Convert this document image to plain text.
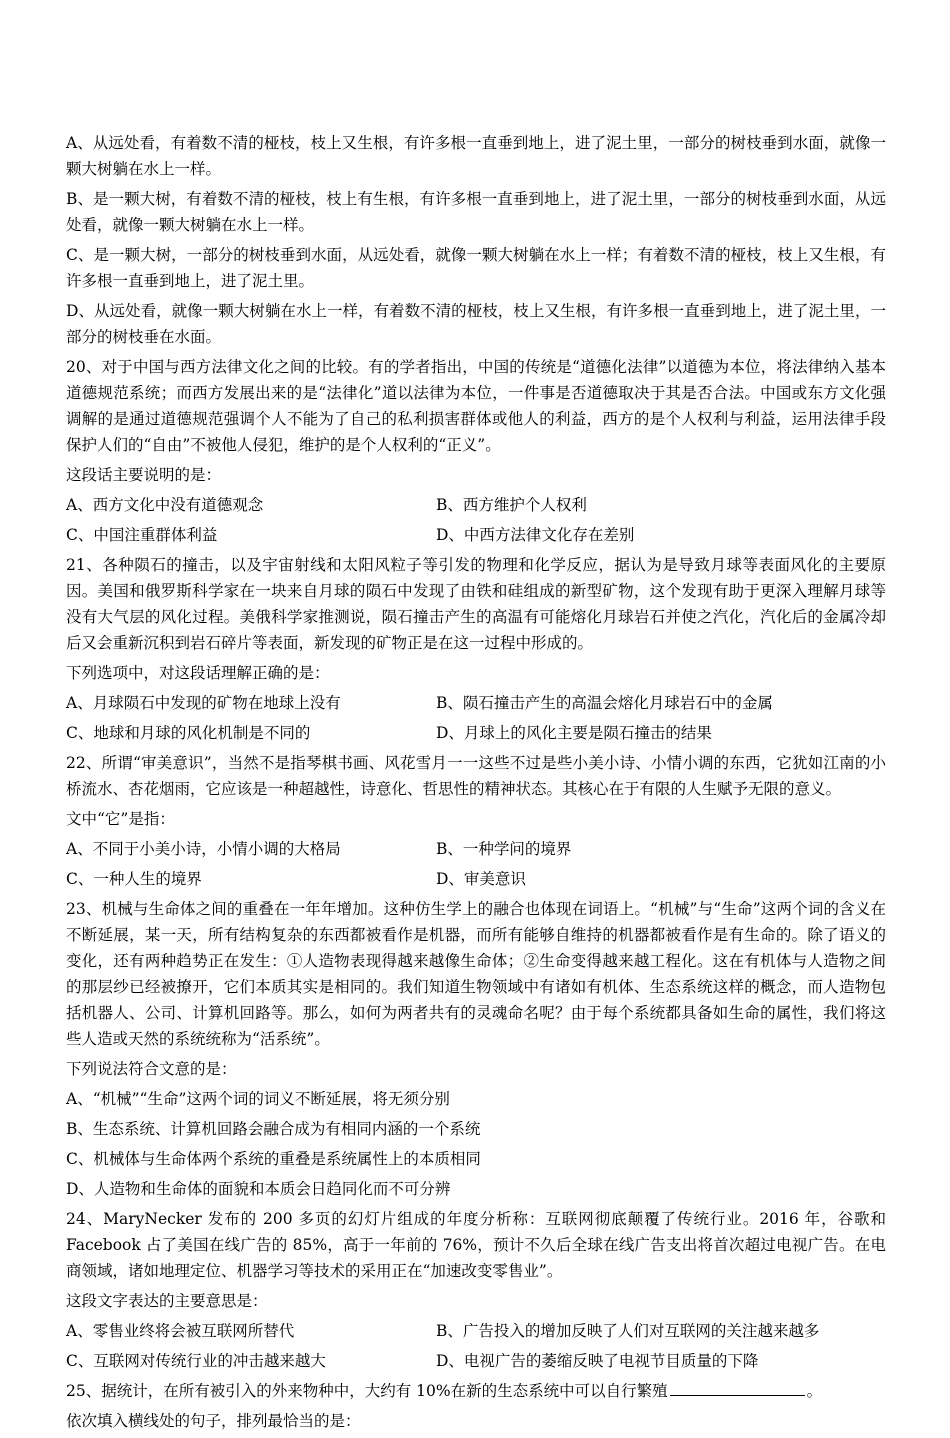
A、从远处看，有着数不清的桠枝，枝上又生根，有许多根一直垂到地上，进了泥土里，一部分的树枝垂到水面，就像一颗大树躺在水上一样。

B、是一颗大树，有着数不清的桠枝，枝上有生根，有许多根一直垂到地上，进了泥土里，一部分的树枝垂到水面，从远处看，就像一颗大树躺在水上一样。

C、是一颗大树，一部分的树枝垂到水面，从远处看，就像一颗大树躺在水上一样；有着数不清的桠枝，枝上又生根，有许多根一直垂到地上，进了泥土里。

D、从远处看，就像一颗大树躺在水上一样，有着数不清的桠枝，枝上又生根，有许多根一直垂到地上，进了泥土里，一部分的树枝垂在水面。

20、对于中国与西方法律文化之间的比较。有的学者指出，中国的传统是“道德化法律”以道德为本位，将法律纳入基本道德规范系统；而西方发展出来的是“法律化”道以法律为本位，一件事是否道德取决于其是否合法。中国或东方文化强调解的是通过道德规范强调个人不能为了自己的私利损害群体或他人的利益，西方的是个人权利与利益，运用法律手段保护人们的“自由”不被他人侵犯，维护的是个人权利的“正义”。

这段话主要说明的是：

A、西方文化中没有道德观念	B、西方维护个人权利
C、中国注重群体利益	D、中西方法律文化存在差别

21、各种陨石的撞击，以及宇宙射线和太阳风粒子等引发的物理和化学反应，据认为是导致月球等表面风化的主要原因。美国和俄罗斯科学家在一块来自月球的陨石中发现了由铁和硅组成的新型矿物，这个发现有助于更深入理解月球等没有大气层的风化过程。美俄科学家推测说，陨石撞击产生的高温有可能熔化月球岩石并使之汽化，汽化后的金属冷却后又会重新沉积到岩石碎片等表面，新发现的矿物正是在这一过程中形成的。

下列选项中，对这段话理解正确的是：

A、月球陨石中发现的矿物在地球上没有	B、陨石撞击产生的高温会熔化月球岩石中的金属
C、地球和月球的风化机制是不同的	D、月球上的风化主要是陨石撞击的结果

22、所谓“审美意识”，当然不是指琴棋书画、风花雪月一一这些不过是些小美小诗、小情小调的东西，它犹如江南的小桥流水、杏花烟雨，它应该是一种超越性，诗意化、哲思性的精神状态。其核心在于有限的人生赋予无限的意义。

文中“它”是指：

A、不同于小美小诗，小情小调的大格局	B、一种学问的境界
C、一种人生的境界	D、审美意识

23、机械与生命体之间的重叠在一年年增加。这种仿生学上的融合也体现在词语上。“机械”与“生命”这两个词的含义在不断延展，某一天，所有结构复杂的东西都被看作是机器，而所有能够自维持的机器都被看作是有生命的。除了语义的变化，还有两种趋势正在发生：①人造物表现得越来越像生命体；②生命变得越来越工程化。这在有机体与人造物之间的那层纱已经被撩开，它们本质其实是相同的。我们知道生物领域中有诸如有机体、生态系统这样的概念，而人造物包括机器人、公司、计算机回路等。那么，如何为两者共有的灵魂命名呢？由于每个系统都具备如生命的属性，我们将这些人造或天然的系统统称为“活系统”。

下列说法符合文意的是：

A、“机械”“生命”这两个词的词义不断延展，将无须分别

B、生态系统、计算机回路会融合成为有相同内涵的一个系统

C、机械体与生命体两个系统的重叠是系统属性上的本质相同

D、人造物和生命体的面貌和本质会日趋同化而不可分辨

24、MaryNecker 发布的 200 多页的幻灯片组成的年度分析称：互联网彻底颠覆了传统行业。2016 年，谷歌和 Facebook 占了美国在线广告的 85%，高于一年前的 76%，预计不久后全球在线广告支出将首次超过电视广告。在电商领域，诸如地理定位、机器学习等技术的采用正在“加速改变零售业”。

这段文字表达的主要意思是：

A、零售业终将会被互联网所替代	B、广告投入的增加反映了人们对互联网的关注越来越多
C、互联网对传统行业的冲击越来越大	D、电视广告的萎缩反映了电视节目质量的下降

25、据统计，在所有被引入的外来物种中，大约有 10%在新的生态系统中可以自行繁殖	。

依次填入横线处的句子，排列最恰当的是：
